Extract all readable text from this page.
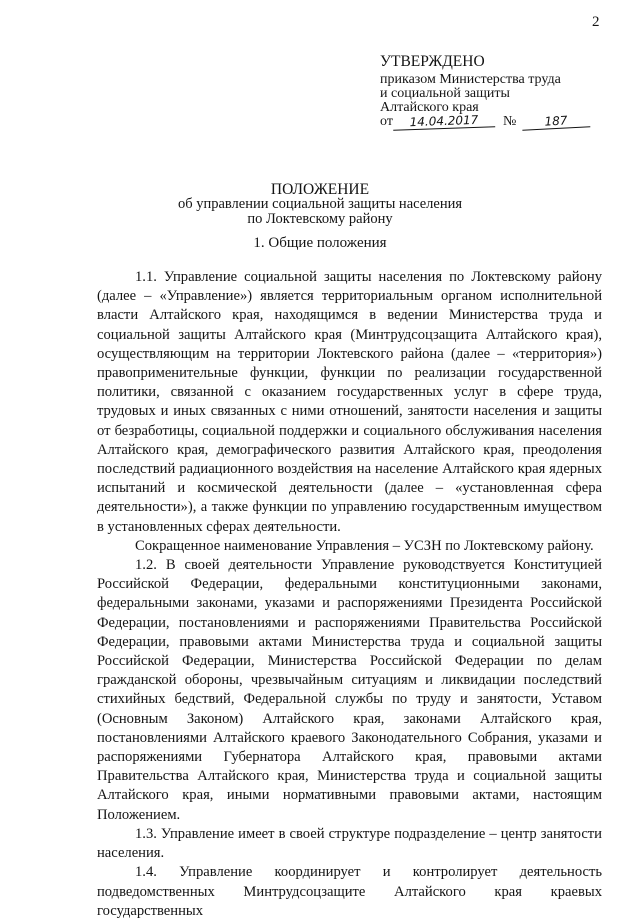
2
УТВЕРЖДЕНО
приказом Министерства труда
и социальной защиты
Алтайского края
от	14.04.2017	№	187
ПОЛОЖЕНИЕ
об управлении социальной защиты населения
по Локтевскому району
1. Общие положения

1.1. Управление социальной защиты населения по Локтевскому району (далее – «Управление») является территориальным органом исполнительной власти Алтайского края, находящимся в ведении Министерства труда и социальной защиты Алтайского края (Минтрудсоцзащита Алтайского края), осуществляющим на территории Локтевского района (далее – «территория») правоприменительные функции, функции по реализации государственной политики, связанной с оказанием государственных услуг в сфере труда, трудовых и иных связанных с ними отношений, занятости населения и защиты от безработицы, социальной поддержки и социального обслуживания населения Алтайского края, демографического развития Алтайского края, преодоления последствий радиационного воздействия на население Алтайского края ядерных испытаний и космической деятельности (далее – «установленная сфера деятельности»), а также функции по управлению государственным имуществом в установленных сферах деятельности.

Сокращенное наименование Управления – УСЗН по Локтевскому району.

1.2. В своей деятельности Управление руководствуется Конституцией Российской Федерации, федеральными конституционными законами, федеральными законами, указами и распоряжениями Президента Российской Федерации, постановлениями и распоряжениями Правительства Российской Федерации, правовыми актами Министерства труда и социальной защиты Российской Федерации, Министерства Российской Федерации по делам гражданской обороны, чрезвычайным ситуациям и ликвидации последствий стихийных бедствий, Федеральной службы по труду и занятости, Уставом (Основным Законом) Алтайского края, законами Алтайского края, постановлениями Алтайского краевого Законодательного Собрания, указами и распоряжениями Губернатора Алтайского края, правовыми актами Правительства Алтайского края, Министерства труда и социальной защиты Алтайского края, иными нормативными правовыми актами, настоящим Положением.

1.3. Управление имеет в своей структуре подразделение – центр занятости населения.

1.4. Управление координирует и контролирует деятельность подведомственных Минтрудсоцзащите Алтайского края краевых государственных
